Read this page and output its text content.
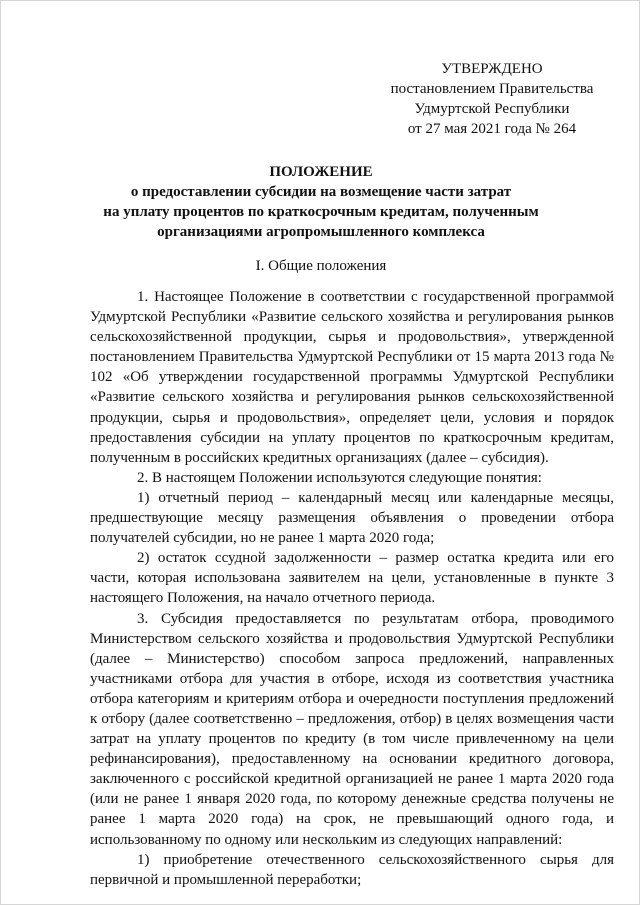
УТВЕРЖДЕНО
постановлением Правительства
Удмуртской Республики
от 27 мая 2021 года № 264
ПОЛОЖЕНИЕ
о предоставлении субсидии на возмещение части затрат
на уплату процентов по краткосрочным кредитам, полученным
организациями агропромышленного комплекса
I. Общие положения

1. Настоящее Положение в соответствии с государственной программой Удмуртской Республики «Развитие сельского хозяйства и регулирования рынков сельскохозяйственной продукции, сырья и продовольствия», утвержденной постановлением Правительства Удмуртской Республики от 15 марта 2013 года № 102 «Об утверждении государственной программы Удмуртской Республики «Развитие сельского хозяйства и регулирования рынков сельскохозяйственной продукции, сырья и продовольствия», определяет цели, условия и порядок предоставления субсидии на уплату процентов по краткосрочным кредитам, полученным в российских кредитных организациях (далее – субсидия).

2. В настоящем Положении используются следующие понятия:

1) отчетный период – календарный месяц или календарные месяцы, предшествующие месяцу размещения объявления о проведении отбора получателей субсидии, но не ранее 1 марта 2020 года;

2) остаток ссудной задолженности – размер остатка кредита или его части, которая использована заявителем на цели, установленные в пункте 3 настоящего Положения, на начало отчетного периода.

3. Субсидия предоставляется по результатам отбора, проводимого Министерством сельского хозяйства и продовольствия Удмуртской Республики (далее – Министерство) способом запроса предложений, направленных участниками отбора для участия в отборе, исходя из соответствия участника отбора категориям и критериям отбора и очередности поступления предложений к отбору (далее соответственно – предложения, отбор) в целях возмещения части затрат на уплату процентов по кредиту (в том числе привлеченному на цели рефинансирования), предоставленному на основании кредитного договора, заключенного с российской кредитной организацией не ранее 1 марта 2020 года (или не ранее 1 января 2020 года, по которому денежные средства получены не ранее 1 марта 2020 года) на срок, не превышающий одного года, и использованному по одному или нескольким из следующих направлений:

1) приобретение отечественного сельскохозяйственного сырья для первичной и промышленной переработки;
